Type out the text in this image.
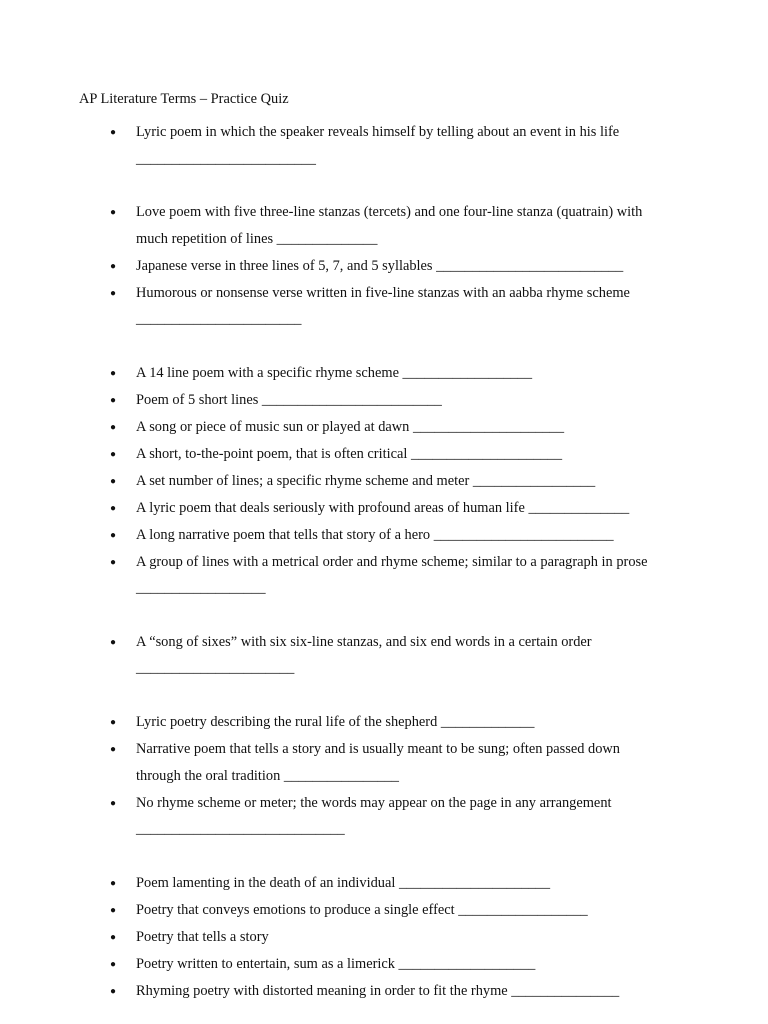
AP Literature Terms – Practice Quiz
● Lyric poem in which the speaker reveals himself by telling about an event in his life
_________________________
● Love poem with five three-line stanzas (tercets) and one four-line stanza (quatrain) with
much repetition of lines ______________
● Japanese verse in three lines of 5, 7, and 5 syllables __________________________
● Humorous or nonsense verse written in five-line stanzas with an aabba rhyme scheme
_______________________
● A 14 line poem with a specific rhyme scheme __________________
● Poem of 5 short lines _________________________
● A song or piece of music sun or played at dawn _____________________
● A short, to-the-point poem, that is often critical _____________________
● A set number of lines; a specific rhyme scheme and meter _________________
● A lyric poem that deals seriously with profound areas of human life ______________
● A long narrative poem that tells that story of a hero _________________________
● A group of lines with a metrical order and rhyme scheme; similar to a paragraph in prose
__________________
● A “song of sixes” with six six-line stanzas, and six end words in a certain order
______________________
● Lyric poetry describing the rural life of the shepherd _____________
● Narrative poem that tells a story and is usually meant to be sung; often passed down
through the oral tradition ________________
● No rhyme scheme or meter; the words may appear on the page in any arrangement
_____________________________
● Poem lamenting in the death of an individual _____________________
● Poetry that conveys emotions to produce a single effect __________________
● Poetry that tells a story
● Poetry written to entertain, sum as a limerick ___________________
● Rhyming poetry with distorted meaning in order to fit the rhyme _______________
